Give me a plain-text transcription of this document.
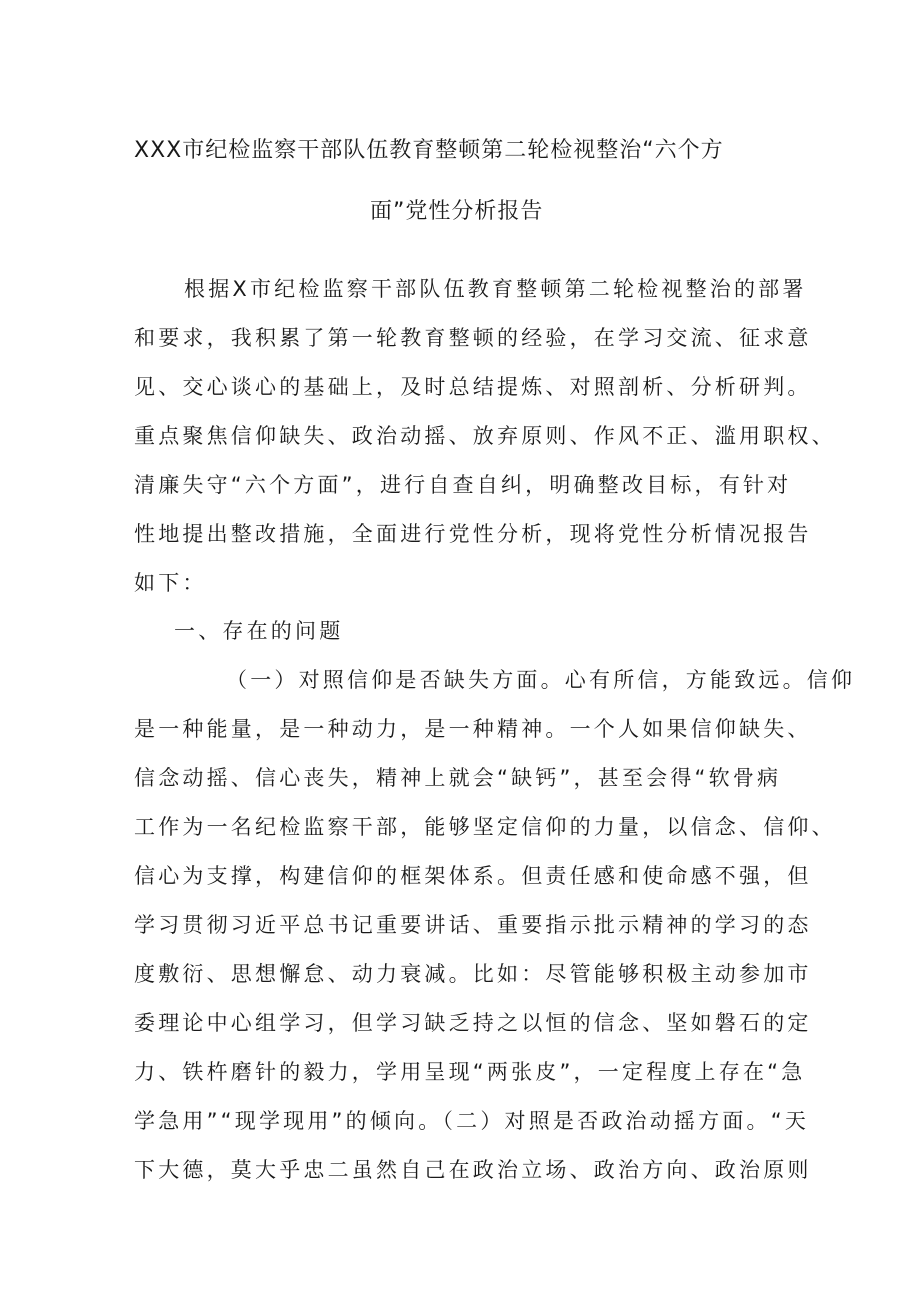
XXX市纪检监察干部队伍教育整顿第二轮检视整治“六个方
面”党性分析报告
根据X市纪检监察干部队伍教育整顿第二轮检视整治的部署
和要求，我积累了第一轮教育整顿的经验，在学习交流、征求意
见、交心谈心的基础上，及时总结提炼、对照剖析、分析研判。
重点聚焦信仰缺失、政治动摇、放弃原则、作风不正、滥用职权、
清廉失守“六个方面”，进行自查自纠，明确整改目标，有针对
性地提出整改措施，全面进行党性分析，现将党性分析情况报告
如下：
一、存在的问题
（一）对照信仰是否缺失方面。心有所信，方能致远。信仰
是一种能量，是一种动力，是一种精神。一个人如果信仰缺失、
信念动摇、信心丧失，精神上就会“缺钙”，甚至会得“软骨病
工作为一名纪检监察干部，能够坚定信仰的力量，以信念、信仰、
信心为支撑，构建信仰的框架体系。但责任感和使命感不强，但
学习贯彻习近平总书记重要讲话、重要指示批示精神的学习的态
度敷衍、思想懈怠、动力衰减。比如：尽管能够积极主动参加市
委理论中心组学习，但学习缺乏持之以恒的信念、坚如磐石的定
力、铁杵磨针的毅力，学用呈现“两张皮”，一定程度上存在“急
学急用”“现学现用”的倾向。（二）对照是否政治动摇方面。“天
下大德，莫大乎忠二虽然自己在政治立场、政治方向、政治原则
